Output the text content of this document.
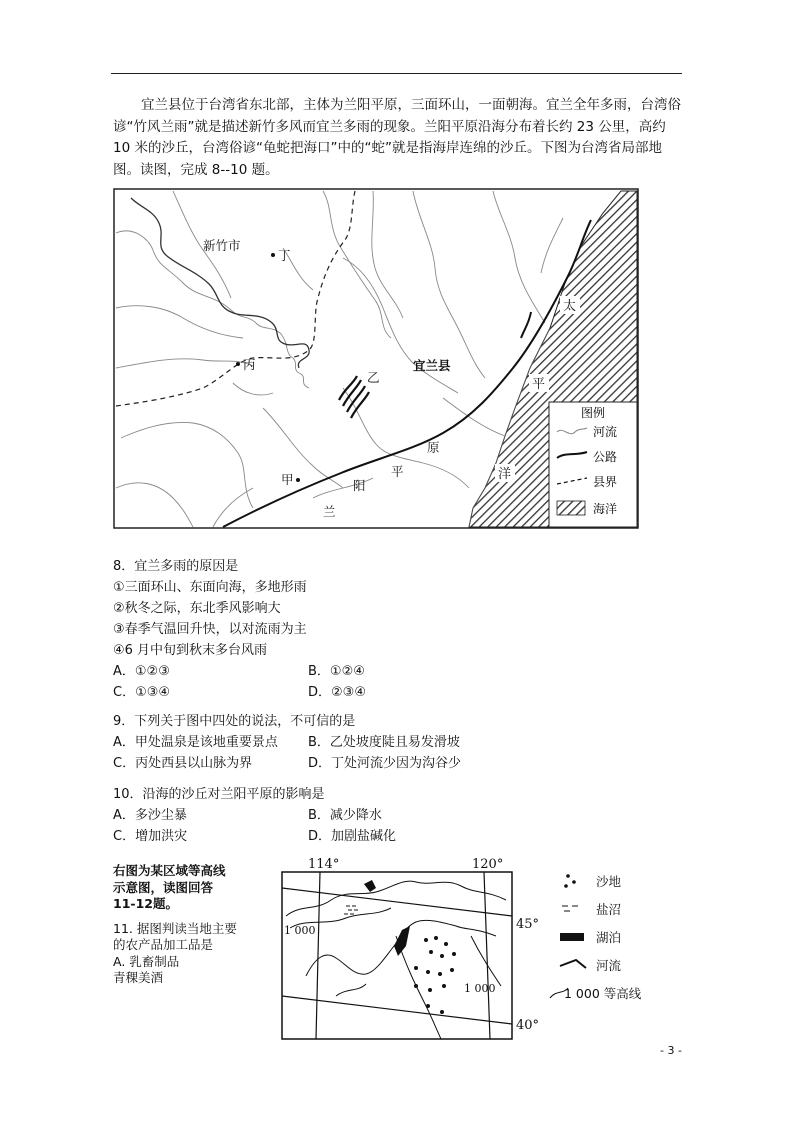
宜兰县位于台湾省东北部，主体为兰阳平原，三面环山，一面朝海。宜兰全年多雨，台湾俗谚“竹风兰雨”就是描述新竹多风而宜兰多雨的现象。兰阳平原沿海分布着长约 23 公里，高约 10 米的沙丘，台湾俗谚“龟蛇把海口”中的“蛇”就是指海岸连绵的沙丘。下图为台湾省局部地图。读图，完成 8--10 题。

新竹市
丁
丙
乙
宜兰县
甲
兰
阳
平
原
太
平
洋
图例
河流
公路
县界
海洋
8．宜兰多雨的原因是
①三面环山、东面向海，多地形雨
②秋冬之际，东北季风影响大
③春季气温回升快，以对流雨为主
④6 月中旬到秋末多台风雨
A．①②③	B．①②④
C．①③④	D．②③④
9．下列关于图中四处的说法，不可信的是
A．甲处温泉是该地重要景点 B．乙处坡度陡且易发滑坡
C．丙处西县以山脉为界	D．丁处河流少因为沟谷少
10．沿海的沙丘对兰阳平原的影响是
A．多沙尘暴	B．减少降水
C．增加洪灾	D．加剧盐碱化
右图为某区域等高线
示意图，读图回答
11-12题。
11. 据图判读当地主要
的农产品加工品是
A. 乳畜制品
青稞美酒
114°	120°
45°
40°
1 000
1 000
沙地
盐沼
湖泊
河流
1 000 等高线
- 3 -
